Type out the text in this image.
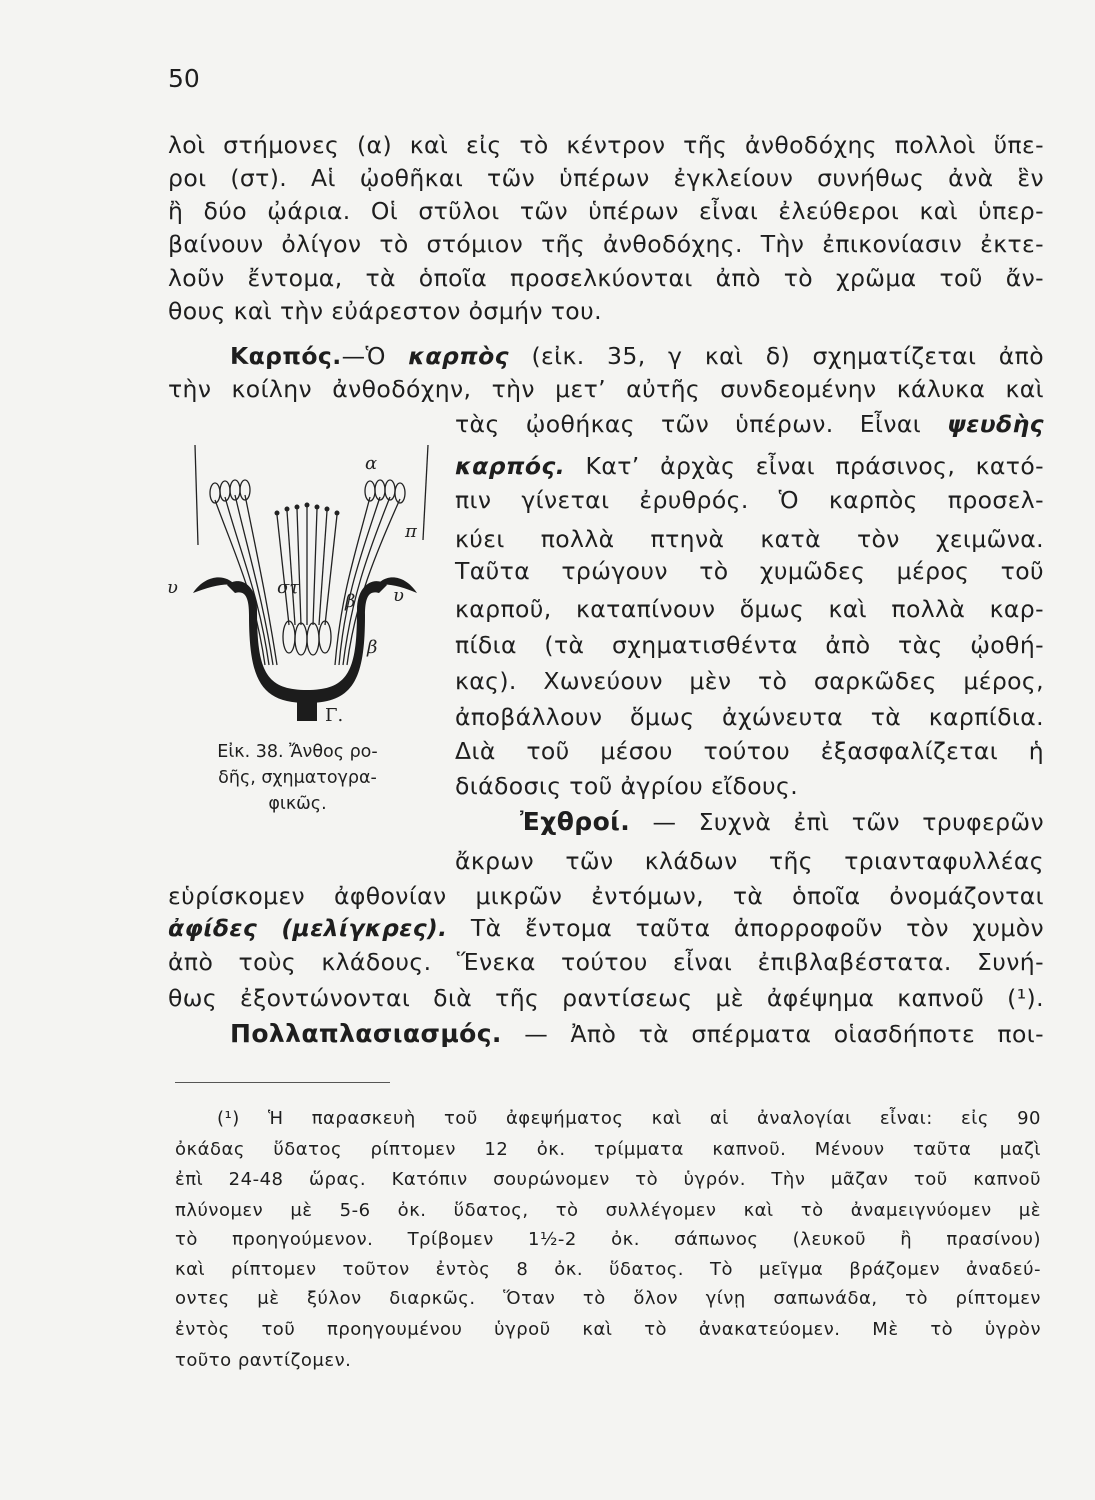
50
λοὶ στήμονες (α) καὶ εἰς τὸ κέντρον τῆς ἀνθοδόχης πολλοὶ ὕπε-
ροι (στ). Αἱ ᾠοθῆκαι τῶν ὑπέρων ἐγκλείουν συνήθως ἀνὰ ἓν
ἢ δύο ᾠάρια. Οἱ στῦλοι τῶν ὑπέρων εἶναι ἐλεύθεροι καὶ ὑπερ-
βαίνουν ὀλίγον τὸ στόμιον τῆς ἀνθοδόχης. Τὴν ἐπικονίασιν ἐκτε-
λοῦν ἔντομα, τὰ ὁποῖα προσελκύονται ἀπὸ τὸ χρῶμα τοῦ ἄν-
θους καὶ τὴν εὐάρεστον ὀσμήν του.
Καρπός.—Ὁ καρπὸς (εἰκ. 35, γ καὶ δ) σχηματίζεται ἀπὸ
τὴν κοίλην ἀνθοδόχην, τὴν μετ’ αὐτῆς συνδεομένην κάλυκα καὶ
τὰς ᾠοθήκας τῶν ὑπέρων. Εἶναι ψευδὴς
καρπός. Κατ’ ἀρχὰς εἶναι πράσινος, κατό-
πιν γίνεται ἐρυθρός. Ὁ καρπὸς προσελ-
κύει πολλὰ πτηνὰ κατὰ τὸν χειμῶνα.
Ταῦτα τρώγουν τὸ χυμῶδες μέρος τοῦ
καρποῦ, καταπίνουν ὅμως καὶ πολλὰ καρ-
πίδια (τὰ σχηματισθέντα ἀπὸ τὰς ᾠοθή-
κας). Χωνεύουν μὲν τὸ σαρκῶδες μέρος,
ἀποβάλλουν ὅμως ἀχώνευτα τὰ καρπίδια.
Διὰ τοῦ μέσου τούτου ἐξασφαλίζεται ἡ
διάδοσις τοῦ ἀγρίου εἴδους.
Ἐχθροί. — Συχνὰ ἐπὶ τῶν τρυφερῶν
ἄκρων τῶν κλάδων τῆς τριανταφυλλέας
εὑρίσκομεν ἀφθονίαν μικρῶν ἐντόμων, τὰ ὁποῖα ὀνομάζονται
ἀφίδες (μελίγκρες). Τὰ ἔντομα ταῦτα ἀπορροφοῦν τὸν χυμὸν
ἀπὸ τοὺς κλάδους. Ἕνεκα τούτου εἶναι ἐπιβλαβέστατα. Συνή-
θως ἐξοντώνονται διὰ τῆς ραντίσεως μὲ ἀφέψημα καπνοῦ (¹).
Πολλαπλασιασμός. — Ἀπὸ τὰ σπέρματα οἱασδήποτε ποι-
α
π
υ	υ
στ
β
β
Γ.
Εἰκ. 38. Ἄνθος ρο-
δῆς, σχηματογρα-
φικῶς.
(¹) Ἡ παρασκευὴ τοῦ ἀφεψήματος καὶ αἱ ἀναλογίαι εἶναι: εἰς 90
ὀκάδας ὕδατος ρίπτομεν 12 ὀκ. τρίμματα καπνοῦ. Μένουν ταῦτα μαζὶ
ἐπὶ 24-48 ὥρας. Κατόπιν σουρώνομεν τὸ ὑγρόν. Τὴν μᾶζαν τοῦ καπνοῦ
πλύνομεν μὲ 5-6 ὀκ. ὕδατος, τὸ συλλέγομεν καὶ τὸ ἀναμειγνύομεν μὲ
τὸ προηγούμενον. Τρίβομεν 1½-2 ὀκ. σάπωνος (λευκοῦ ἢ πρασίνου)
καὶ ρίπτομεν τοῦτον ἐντὸς 8 ὀκ. ὕδατος. Τὸ μεῖγμα βράζομεν ἀναδεύ-
οντες μὲ ξύλον διαρκῶς. Ὅταν τὸ ὅλον γίνῃ σαπωνάδα, τὸ ρίπτομεν
ἐντὸς τοῦ προηγουμένου ὑγροῦ καὶ τὸ ἀνακατεύομεν. Μὲ τὸ ὑγρὸν
τοῦτο ραντίζομεν.
